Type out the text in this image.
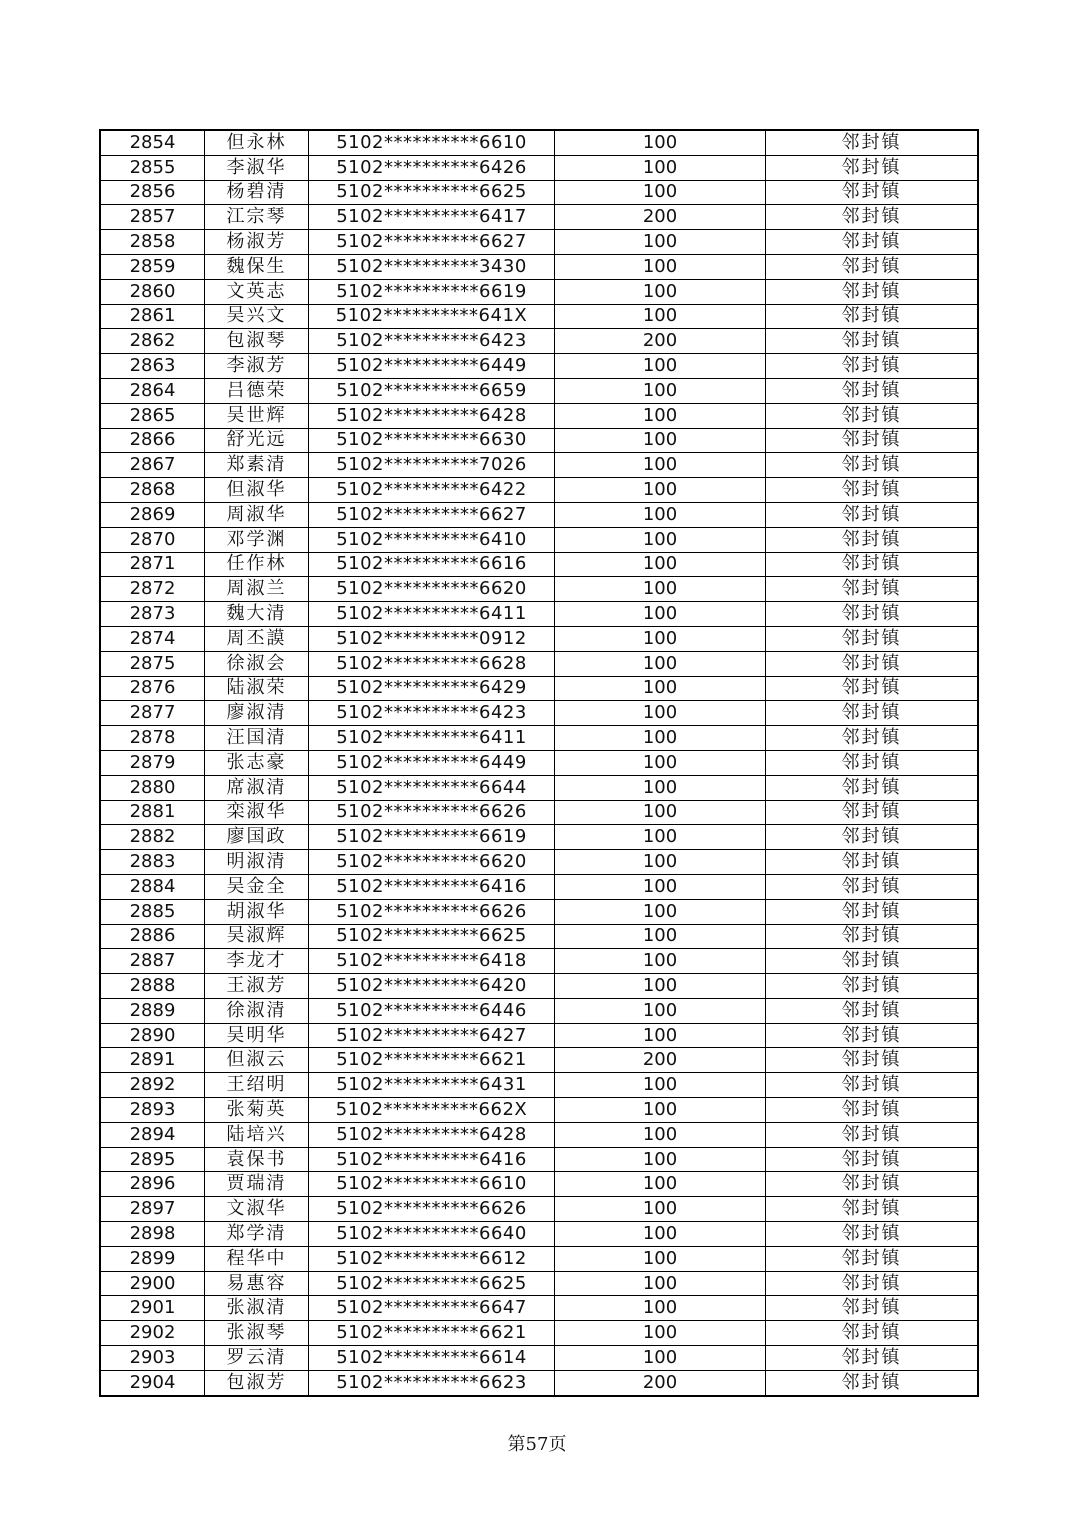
2854	但永林	5102**********6610	100	邻封镇
2855	李淑华	5102**********6426	100	邻封镇
2856	杨碧清	5102**********6625	100	邻封镇
2857	江宗琴	5102**********6417	200	邻封镇
2858	杨淑芳	5102**********6627	100	邻封镇
2859	魏保生	5102**********3430	100	邻封镇
2860	文英志	5102**********6619	100	邻封镇
2861	吴兴文	5102**********641X	100	邻封镇
2862	包淑琴	5102**********6423	200	邻封镇
2863	李淑芳	5102**********6449	100	邻封镇
2864	吕德荣	5102**********6659	100	邻封镇
2865	吴世辉	5102**********6428	100	邻封镇
2866	舒光远	5102**********6630	100	邻封镇
2867	郑素清	5102**********7026	100	邻封镇
2868	但淑华	5102**********6422	100	邻封镇
2869	周淑华	5102**********6627	100	邻封镇
2870	邓学渊	5102**********6410	100	邻封镇
2871	任作林	5102**********6616	100	邻封镇
2872	周淑兰	5102**********6620	100	邻封镇
2873	魏大清	5102**********6411	100	邻封镇
2874	周丕謨	5102**********0912	100	邻封镇
2875	徐淑会	5102**********6628	100	邻封镇
2876	陆淑荣	5102**********6429	100	邻封镇
2877	廖淑清	5102**********6423	100	邻封镇
2878	汪国清	5102**********6411	100	邻封镇
2879	张志豪	5102**********6449	100	邻封镇
2880	席淑清	5102**********6644	100	邻封镇
2881	栾淑华	5102**********6626	100	邻封镇
2882	廖国政	5102**********6619	100	邻封镇
2883	明淑清	5102**********6620	100	邻封镇
2884	吴金全	5102**********6416	100	邻封镇
2885	胡淑华	5102**********6626	100	邻封镇
2886	吴淑辉	5102**********6625	100	邻封镇
2887	李龙才	5102**********6418	100	邻封镇
2888	王淑芳	5102**********6420	100	邻封镇
2889	徐淑清	5102**********6446	100	邻封镇
2890	吴明华	5102**********6427	100	邻封镇
2891	但淑云	5102**********6621	200	邻封镇
2892	王绍明	5102**********6431	100	邻封镇
2893	张菊英	5102**********662X	100	邻封镇
2894	陆培兴	5102**********6428	100	邻封镇
2895	袁保书	5102**********6416	100	邻封镇
2896	贾瑞清	5102**********6610	100	邻封镇
2897	文淑华	5102**********6626	100	邻封镇
2898	郑学清	5102**********6640	100	邻封镇
2899	程华中	5102**********6612	100	邻封镇
2900	易惠容	5102**********6625	100	邻封镇
2901	张淑清	5102**********6647	100	邻封镇
2902	张淑琴	5102**********6621	100	邻封镇
2903	罗云清	5102**********6614	100	邻封镇
2904	包淑芳	5102**********6623	200	邻封镇
第57页
